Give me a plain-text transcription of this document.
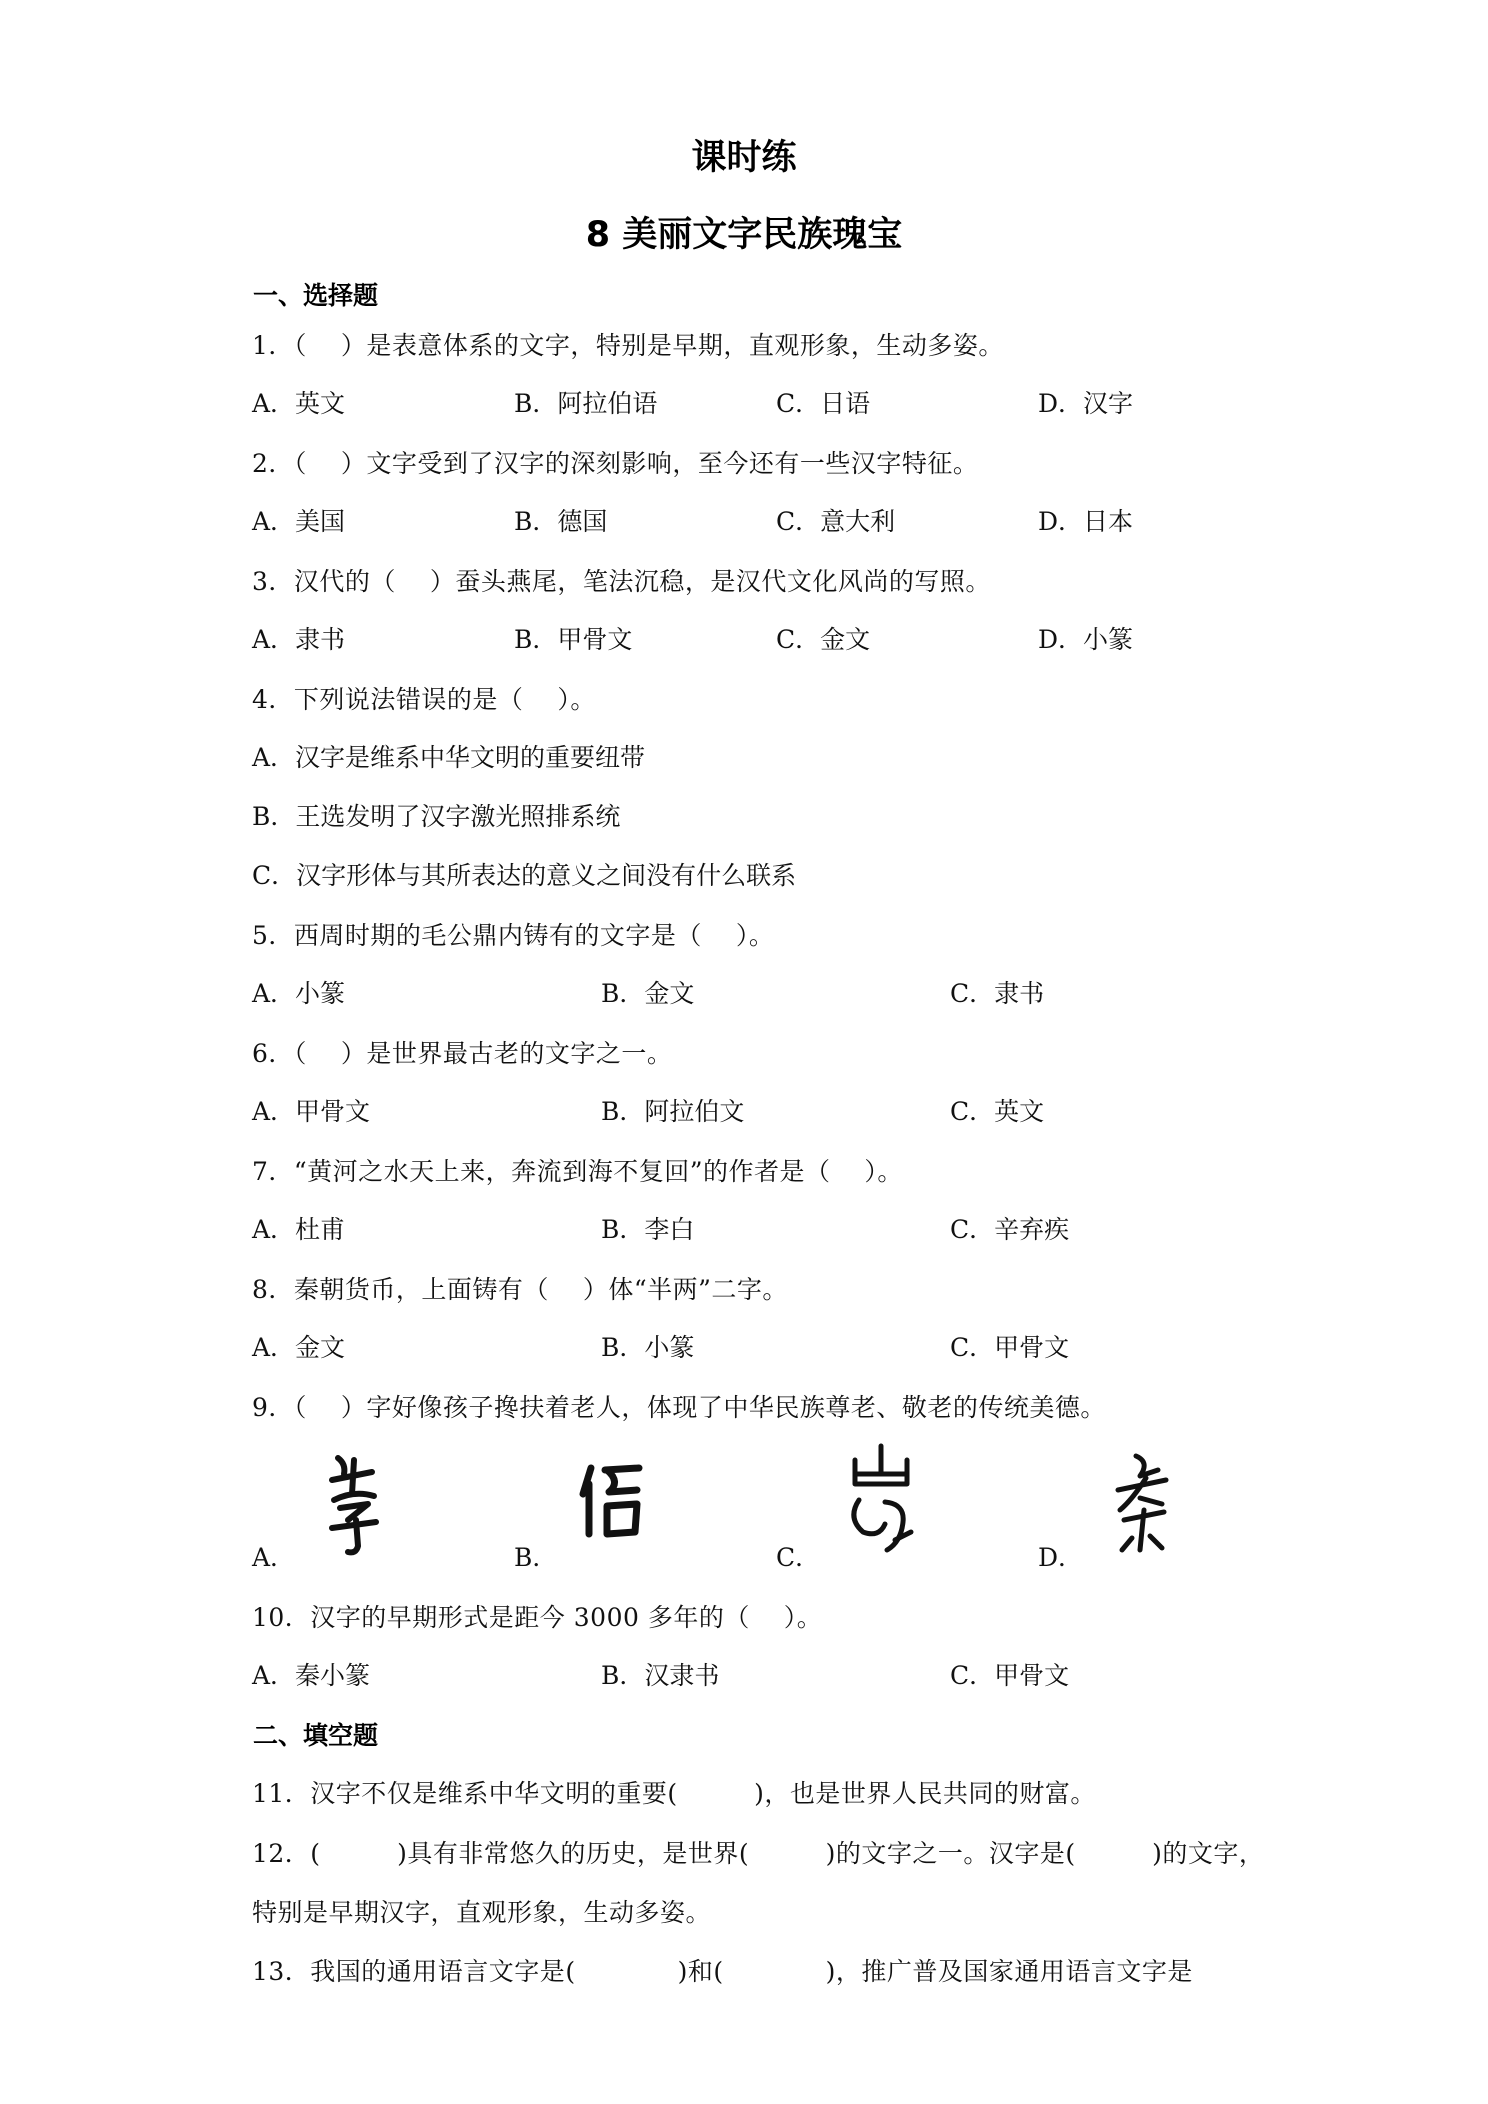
课时练
8 美丽文字民族瑰宝
一、选择题
1．（　 ）是表意体系的文字，特别是早期，直观形象，生动多姿。
A．英文	B．阿拉伯语	C．日语	D．汉字
2．（　 ）文字受到了汉字的深刻影响，至今还有一些汉字特征。
A．美国	B．德国	C．意大利	D．日本
3．汉代的（　 ）蚕头燕尾，笔法沉稳，是汉代文化风尚的写照。
A．隶书	B．甲骨文	C．金文	D．小篆
4．下列说法错误的是（　 ）。
A．汉字是维系中华文明的重要纽带
B．王选发明了汉字激光照排系统
C．汉字形体与其所表达的意义之间没有什么联系
5．西周时期的毛公鼎内铸有的文字是（　 ）。
A．小篆	B．金文	C．隶书
6．（　 ）是世界最古老的文字之一。
A．甲骨文	B．阿拉伯文	C．英文
7．“黄河之水天上来，奔流到海不复回”的作者是（　 ）。
A．杜甫	B．李白	C．辛弃疾
8．秦朝货币，上面铸有（　 ）体“半两”二字。
A．金文	B．小篆	C．甲骨文
9．（　 ）字好像孩子搀扶着老人，体现了中华民族尊老、敬老的传统美德。
A．	B．	C．	D．
10．汉字的早期形式是距今 3000 多年的（　 ）。
A．秦小篆	B．汉隶书	C．甲骨文
二、填空题
11．汉字不仅是维系中华文明的重要(　　　)，也是世界人民共同的财富。
12．(　　　)具有非常悠久的历史，是世界(　　　)的文字之一。汉字是(　　　)的文字，
特别是早期汉字，直观形象，生动多姿。
13．我国的通用语言文字是(　　　　)和(　　　　)，推广普及国家通用语言文字是
